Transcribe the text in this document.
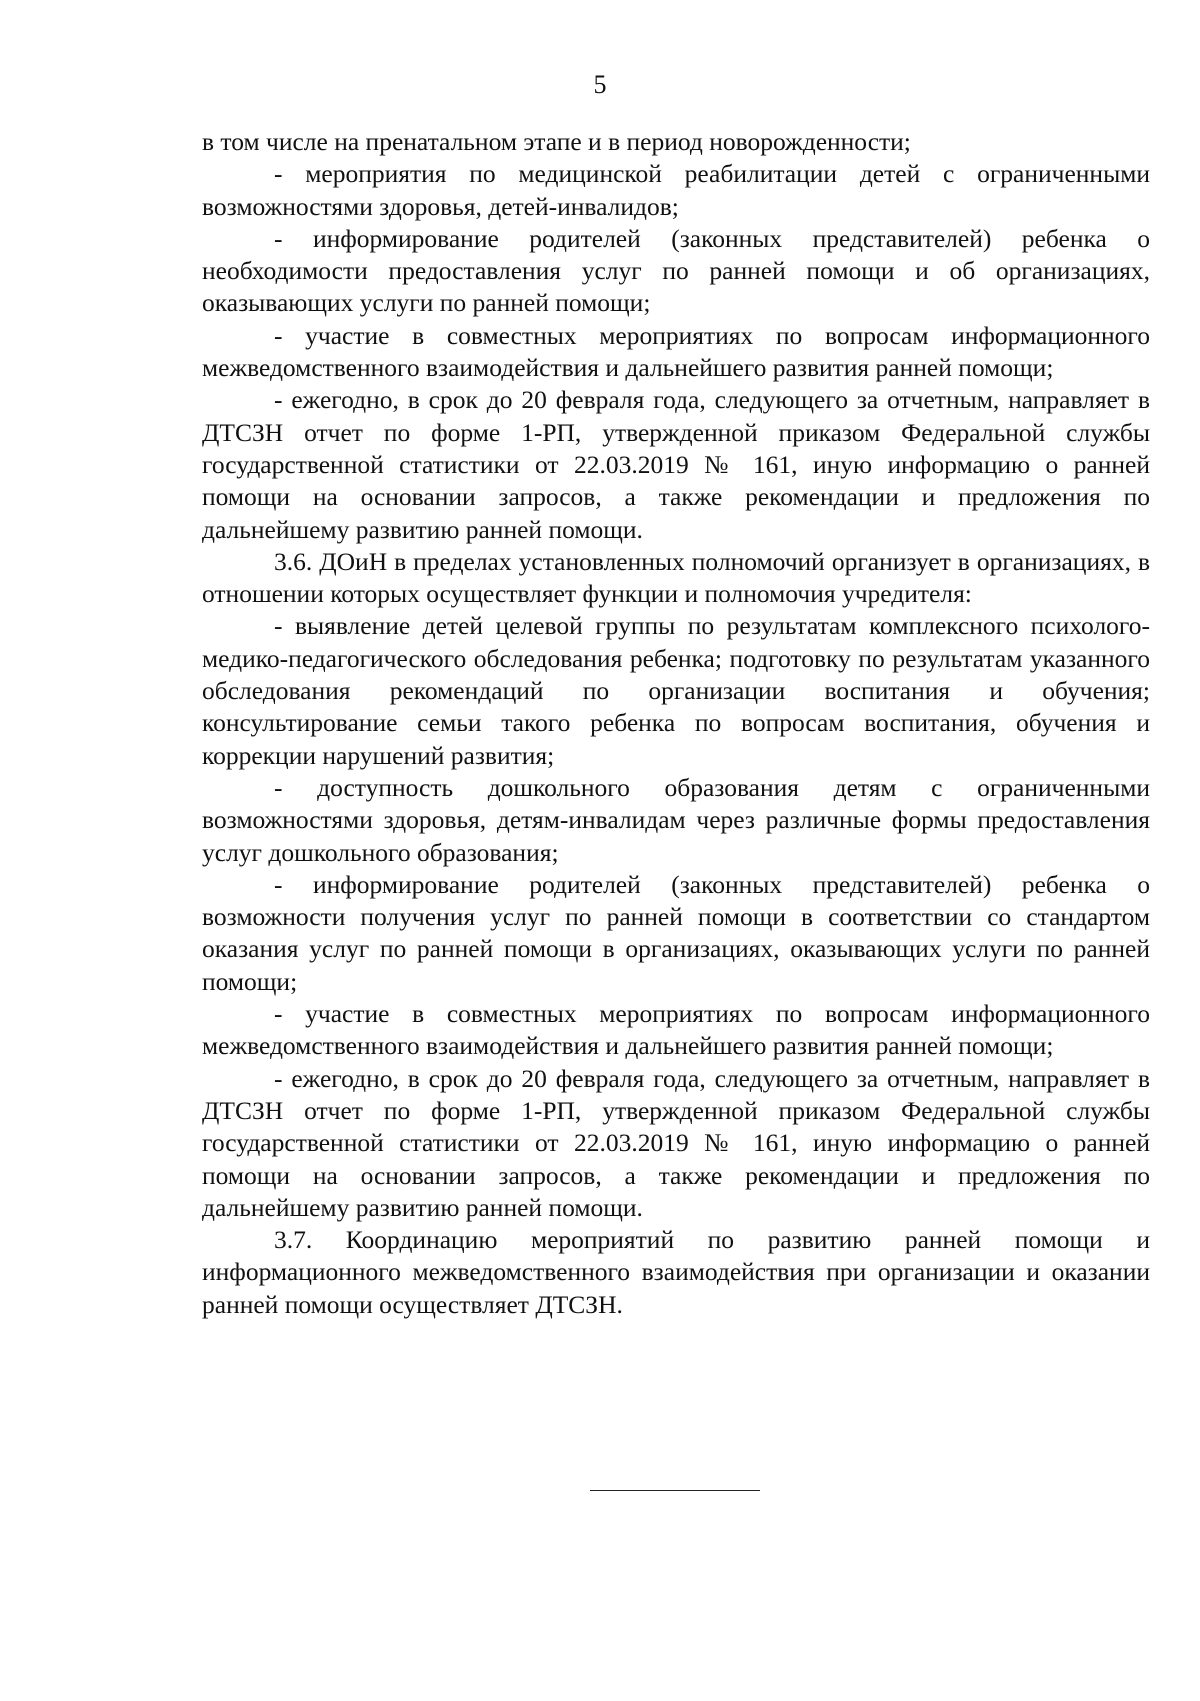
5

в том числе на пренатальном этапе и в период новорожденности;

- мероприятия по медицинской реабилитации детей с ограниченными возможностями здоровья, детей-инвалидов;

- информирование родителей (законных представителей) ребенка о необходимости предоставления услуг по ранней помощи и об организациях, оказывающих услуги по ранней помощи;

- участие в совместных мероприятиях по вопросам информационного межведомственного взаимодействия и дальнейшего развития ранней помощи;

- ежегодно, в срок до 20 февраля года, следующего за отчетным, направляет в ДТСЗН отчет по форме 1-РП, утвержденной приказом Федеральной службы государственной статистики от 22.03.2019 № 161, иную информацию о ранней помощи на основании запросов, а также рекомендации и предложения по дальнейшему развитию ранней помощи.

3.6. ДОиН в пределах установленных полномочий организует в организациях, в отношении которых осуществляет функции и полномочия учредителя:

- выявление детей целевой группы по результатам комплексного психолого-медико-педагогического обследования ребенка; подготовку по результатам указанного обследования рекомендаций по организации воспитания и обучения; консультирование семьи такого ребенка по вопросам воспитания, обучения и коррекции нарушений развития;

- доступность дошкольного образования детям с ограниченными возможностями здоровья, детям-инвалидам через различные формы предоставления услуг дошкольного образования;

- информирование родителей (законных представителей) ребенка о возможности получения услуг по ранней помощи в соответствии со стандартом оказания услуг по ранней помощи в организациях, оказывающих услуги по ранней помощи;

- участие в совместных мероприятиях по вопросам информационного межведомственного взаимодействия и дальнейшего развития ранней помощи;

- ежегодно, в срок до 20 февраля года, следующего за отчетным, направляет в ДТСЗН отчет по форме 1-РП, утвержденной приказом Федеральной службы государственной статистики от 22.03.2019 № 161, иную информацию о ранней помощи на основании запросов, а также рекомендации и предложения по дальнейшему развитию ранней помощи.

3.7. Координацию мероприятий по развитию ранней помощи и информационного межведомственного взаимодействия при организации и оказании ранней помощи осуществляет ДТСЗН.
